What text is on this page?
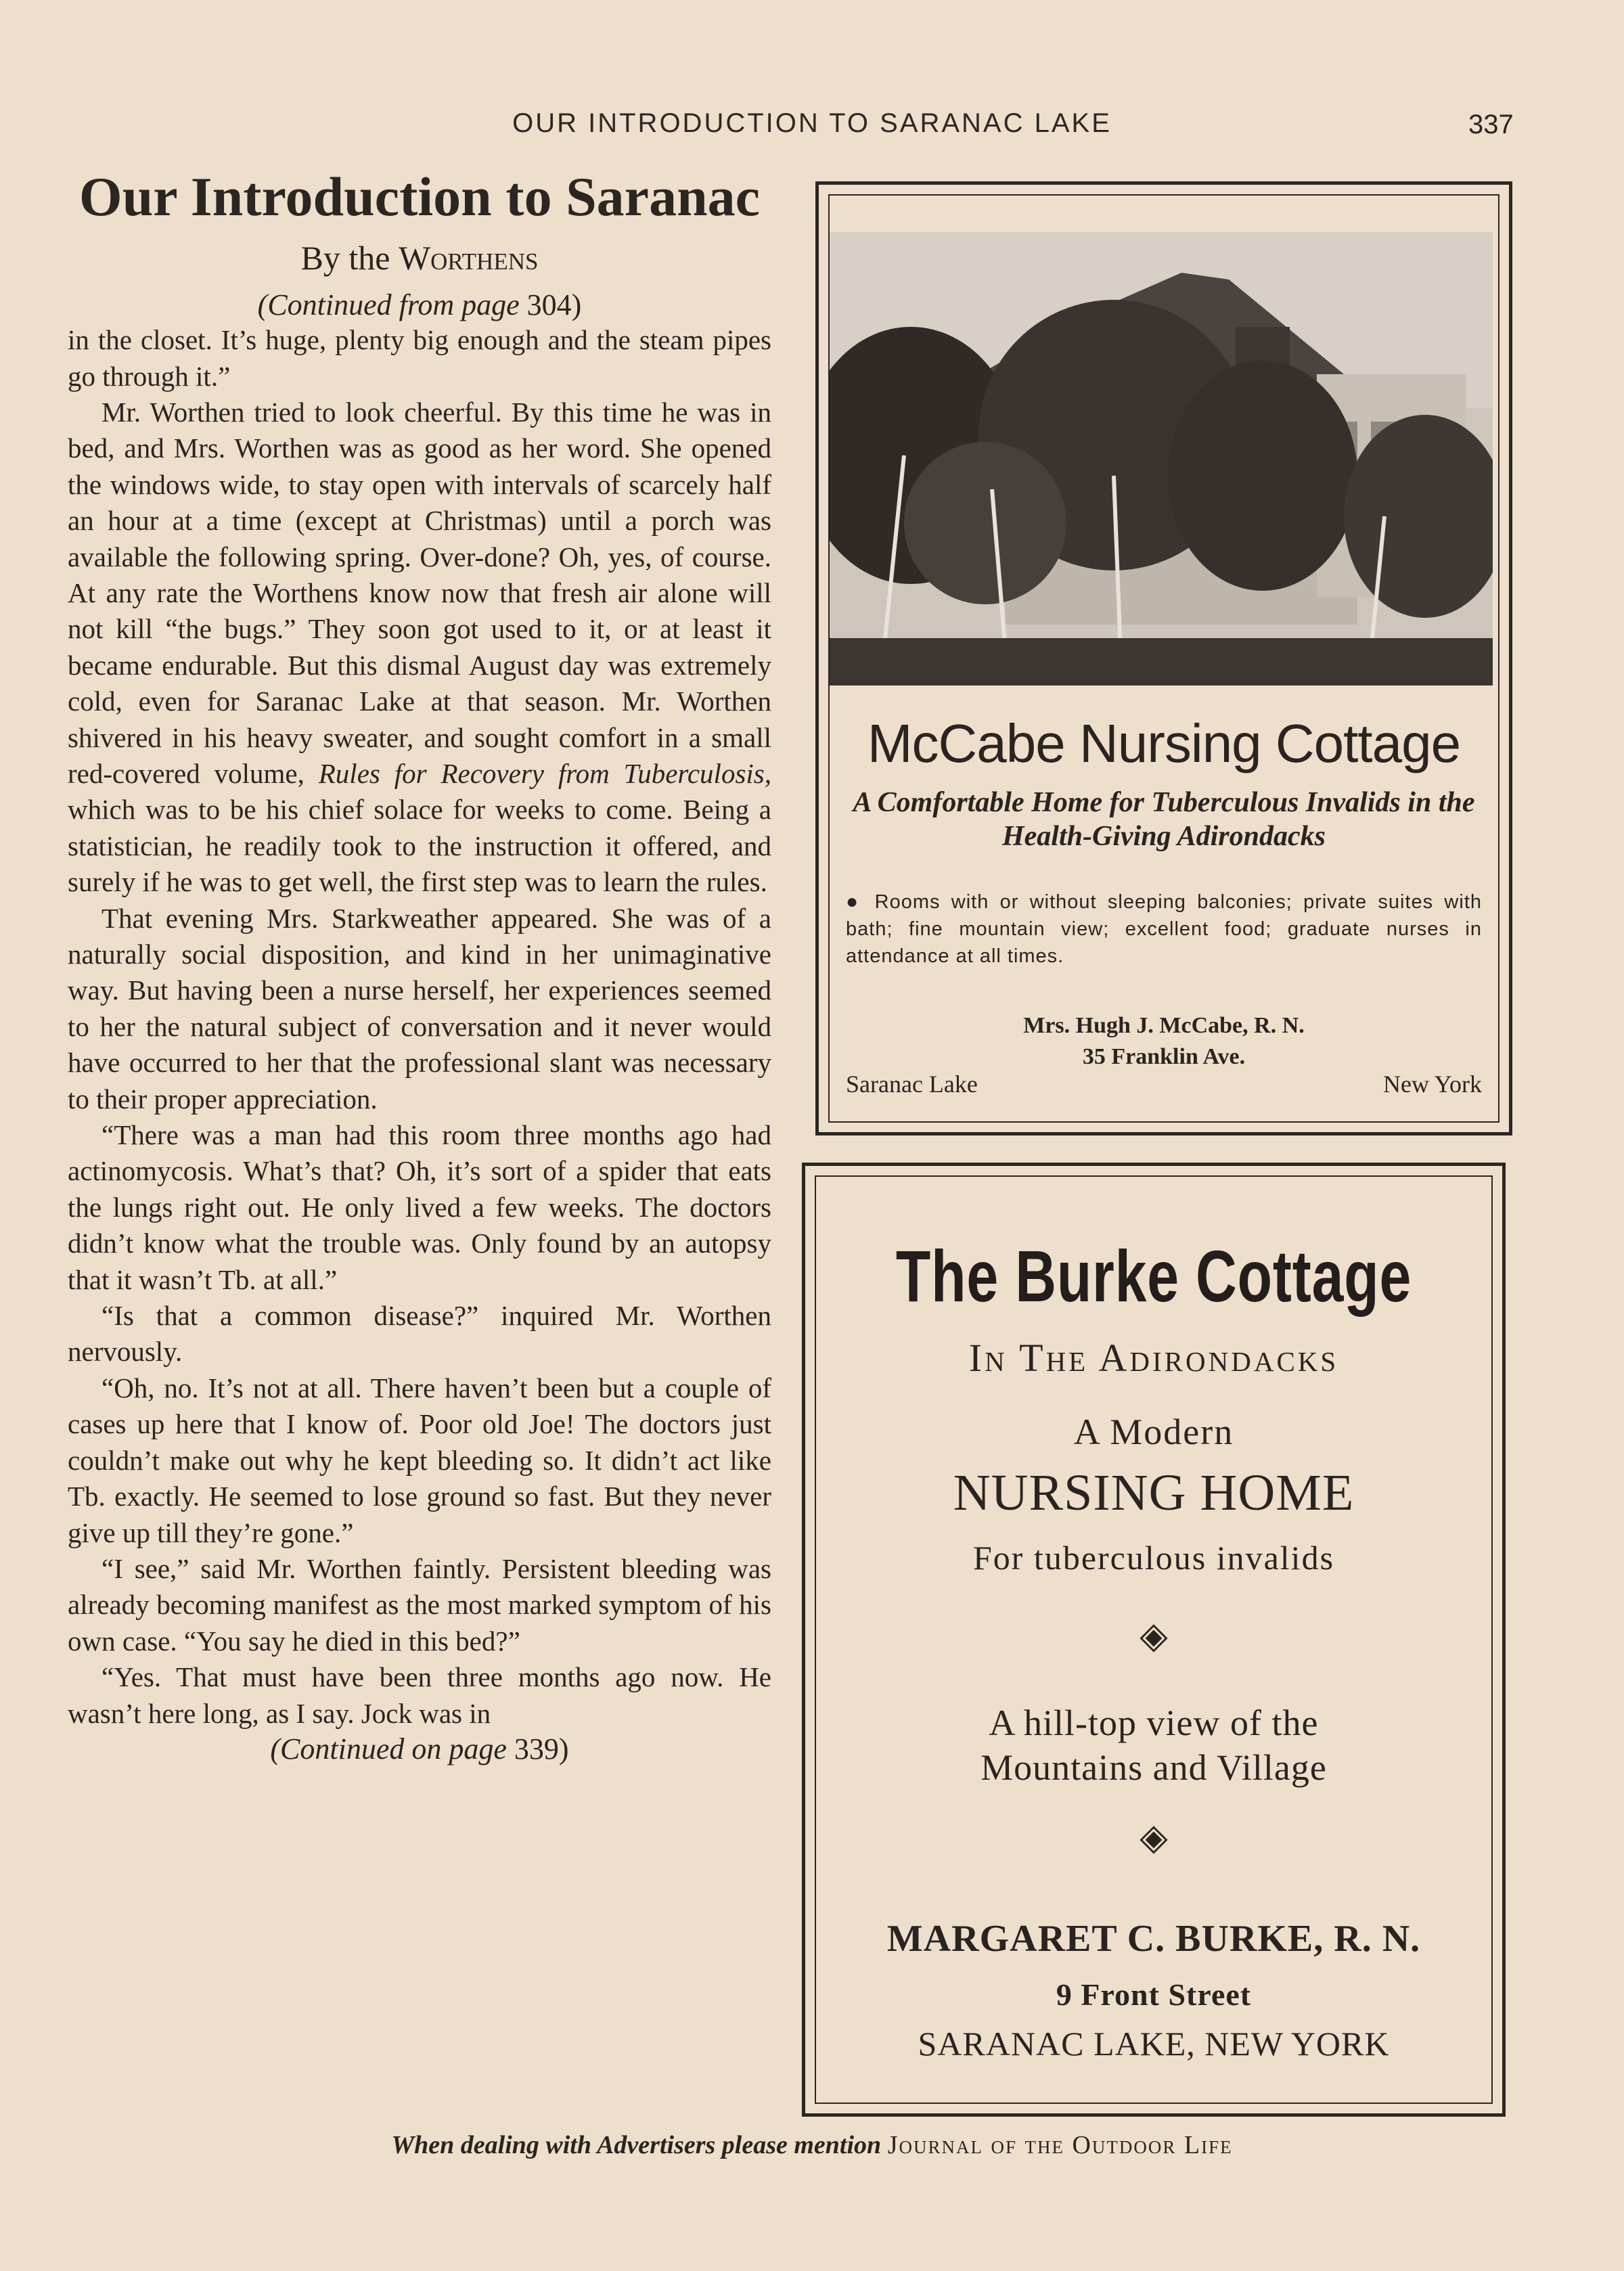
OUR INTRODUCTION TO SARANAC LAKE	337
Our Introduction to Saranac
By the Worthens
(Continued from page 304)

in the closet. It’s huge, plenty big enough and the steam pipes go through it.”

Mr. Worthen tried to look cheerful. By this time he was in bed, and Mrs. Worthen was as good as her word. She opened the windows wide, to stay open with intervals of scarcely half an hour at a time (except at Christmas) until a porch was available the following spring. Over-done? Oh, yes, of course. At any rate the Worthens know now that fresh air alone will not kill “the bugs.” They soon got used to it, or at least it became endurable. But this dismal August day was extremely cold, even for Saranac Lake at that season. Mr. Worthen shivered in his heavy sweater, and sought comfort in a small red-covered volume, Rules for Recovery from Tuberculosis, which was to be his chief solace for weeks to come. Being a statistician, he readily took to the instruction it offered, and surely if he was to get well, the first step was to learn the rules.

That evening Mrs. Starkweather appeared. She was of a naturally social disposition, and kind in her unimaginative way. But having been a nurse herself, her experiences seemed to her the natural subject of conversation and it never would have occurred to her that the professional slant was necessary to their proper appreciation.

“There was a man had this room three months ago had actinomycosis. What’s that? Oh, it’s sort of a spider that eats the lungs right out. He only lived a few weeks. The doctors didn’t know what the trouble was. Only found by an autopsy that it wasn’t Tb. at all.”

“Is that a common disease?” inquired Mr. Worthen nervously.

“Oh, no. It’s not at all. There haven’t been but a couple of cases up here that I know of. Poor old Joe! The doctors just couldn’t make out why he kept bleeding so. It didn’t act like Tb. exactly. He seemed to lose ground so fast. But they never give up till they’re gone.”

“I see,” said Mr. Worthen faintly. Persistent bleeding was already becoming manifest as the most marked symptom of his own case. “You say he died in this bed?”

“Yes. That must have been three months ago now. He wasn’t here long, as I say. Jock was in

(Continued on page 339)
McCabe Nursing Cottage
A Comfortable Home for Tuberculous Invalids in the Health-Giving Adirondacks
● Rooms with or without sleeping balconies; private suites with bath; fine mountain view; excellent food; graduate nurses in attendance at all times.
Mrs. Hugh J. McCabe, R. N.
35 Franklin Ave.
Saranac Lake	New York
The Burke Cottage
In The Adirondacks
A Modern
NURSING HOME
For tuberculous invalids
◈
A hill-top view of the
Mountains and Village
◈
MARGARET C. BURKE, R. N.
9 Front Street
SARANAC LAKE, NEW YORK
When dealing with Advertisers please mention Journal of the Outdoor Life
